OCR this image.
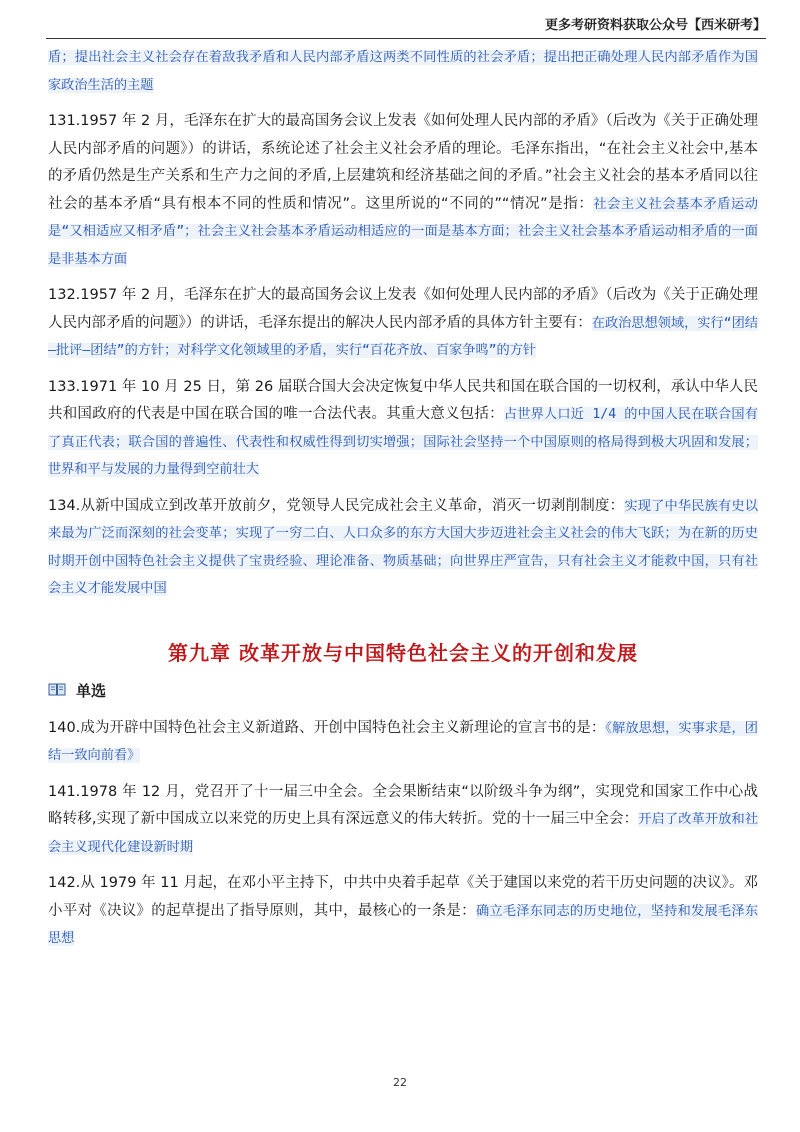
更多考研资料获取公众号【西米研考】

盾；提出社会主义社会存在着敌我矛盾和人民内部矛盾这两类不同性质的社会矛盾；提出把正确处理人民内部矛盾作为国家政治生活的主题

131.1957 年 2 月，毛泽东在扩大的最高国务会议上发表《如何处理人民内部的矛盾》（后改为《关于正确处理人民内部矛盾的问题》）的讲话，系统论述了社会主义社会矛盾的理论。毛泽东指出，“在社会主义社会中,基本的矛盾仍然是生产关系和生产力之间的矛盾,上层建筑和经济基础之间的矛盾。”社会主义社会的基本矛盾同以往社会的基本矛盾“具有根本不同的性质和情况”。这里所说的“不同的”“情况”是指：社会主义社会基本矛盾运动是“又相适应又相矛盾”；社会主义社会基本矛盾运动相适应的一面是基本方面；社会主义社会基本矛盾运动相矛盾的一面是非基本方面

132.1957 年 2 月，毛泽东在扩大的最高国务会议上发表《如何处理人民内部的矛盾》（后改为《关于正确处理人民内部矛盾的问题》）的讲话，毛泽东提出的解决人民内部矛盾的具体方针主要有：在政治思想领域，实行“团结—批评—团结”的方针；对科学文化领域里的矛盾，实行“百花齐放、百家争鸣”的方针

133.1971 年 10 月 25 日，第 26 届联合国大会决定恢复中华人民共和国在联合国的一切权利，承认中华人民共和国政府的代表是中国在联合国的唯一合法代表。其重大意义包括：占世界人口近 1/4 的中国人民在联合国有了真正代表；联合国的普遍性、代表性和权威性得到切实增强；国际社会坚持一个中国原则的格局得到极大巩固和发展；世界和平与发展的力量得到空前壮大

134.从新中国成立到改革开放前夕，党领导人民完成社会主义革命，消灭一切剥削制度：实现了中华民族有史以来最为广泛而深刻的社会变革；实现了一穷二白、人口众多的东方大国大步迈进社会主义社会的伟大飞跃；为在新的历史时期开创中国特色社会主义提供了宝贵经验、理论准备、物质基础；向世界庄严宣告，只有社会主义才能救中国，只有社会主义才能发展中国

第九章 改革开放与中国特色社会主义的开创和发展
单选

140.成为开辟中国特色社会主义新道路、开创中国特色社会主义新理论的宣言书的是：《解放思想，实事求是，团结一致向前看》

141.1978 年 12 月，党召开了十一届三中全会。全会果断结束“以阶级斗争为纲”，实现党和国家工作中心战略转移,实现了新中国成立以来党的历史上具有深远意义的伟大转折。党的十一届三中全会：开启了改革开放和社会主义现代化建设新时期

142.从 1979 年 11 月起，在邓小平主持下，中共中央着手起草《关于建国以来党的若干历史问题的决议》。邓小平对《决议》的起草提出了指导原则，其中，最核心的一条是：确立毛泽东同志的历史地位，坚持和发展毛泽东思想

22
